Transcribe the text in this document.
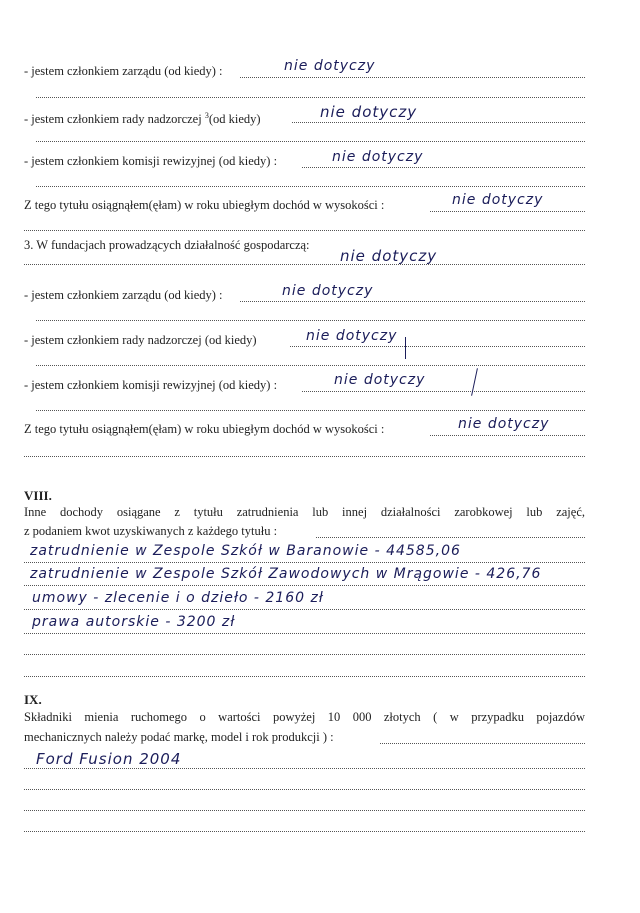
- jestem członkiem zarządu (od kiedy) :	nie dotyczy
- jestem członkiem rady nadzorczej $^3$(od kiedy)	nie dotyczy
- jestem członkiem komisji rewizyjnej (od kiedy) :	nie dotyczy
Z tego tytułu osiągnąłem(ęłam) w roku ubiegłym dochód w wysokości :	nie dotyczy
3. W fundacjach prowadzących działalność gospodarczą:
nie dotyczy
- jestem członkiem zarządu (od kiedy) :	nie dotyczy
- jestem członkiem rady nadzorczej (od kiedy)	nie dotyczy
- jestem członkiem komisji rewizyjnej (od kiedy) :	nie dotyczy
Z tego tytułu osiągnąłem(ęłam) w roku ubiegłym dochód w wysokości :	nie dotyczy
VIII.
Inne dochody osiągane z tytułu zatrudnienia lub innej działalności zarobkowej lub zajęć,
z podaniem kwot uzyskiwanych z każdego tytułu :
zatrudnienie w Zespole Szkół w Baranowie - 44585,06
zatrudnienie w Zespole Szkół Zawodowych w Mrągowie - 426,76
umowy - zlecenie i o dzieło - 2160 zł
prawa autorskie - 3200 zł
IX.
Składniki mienia ruchomego o wartości powyżej 10 000 złotych ( w przypadku pojazdów
mechanicznych należy podać markę, model i rok produkcji ) :
Ford Fusion 2004
